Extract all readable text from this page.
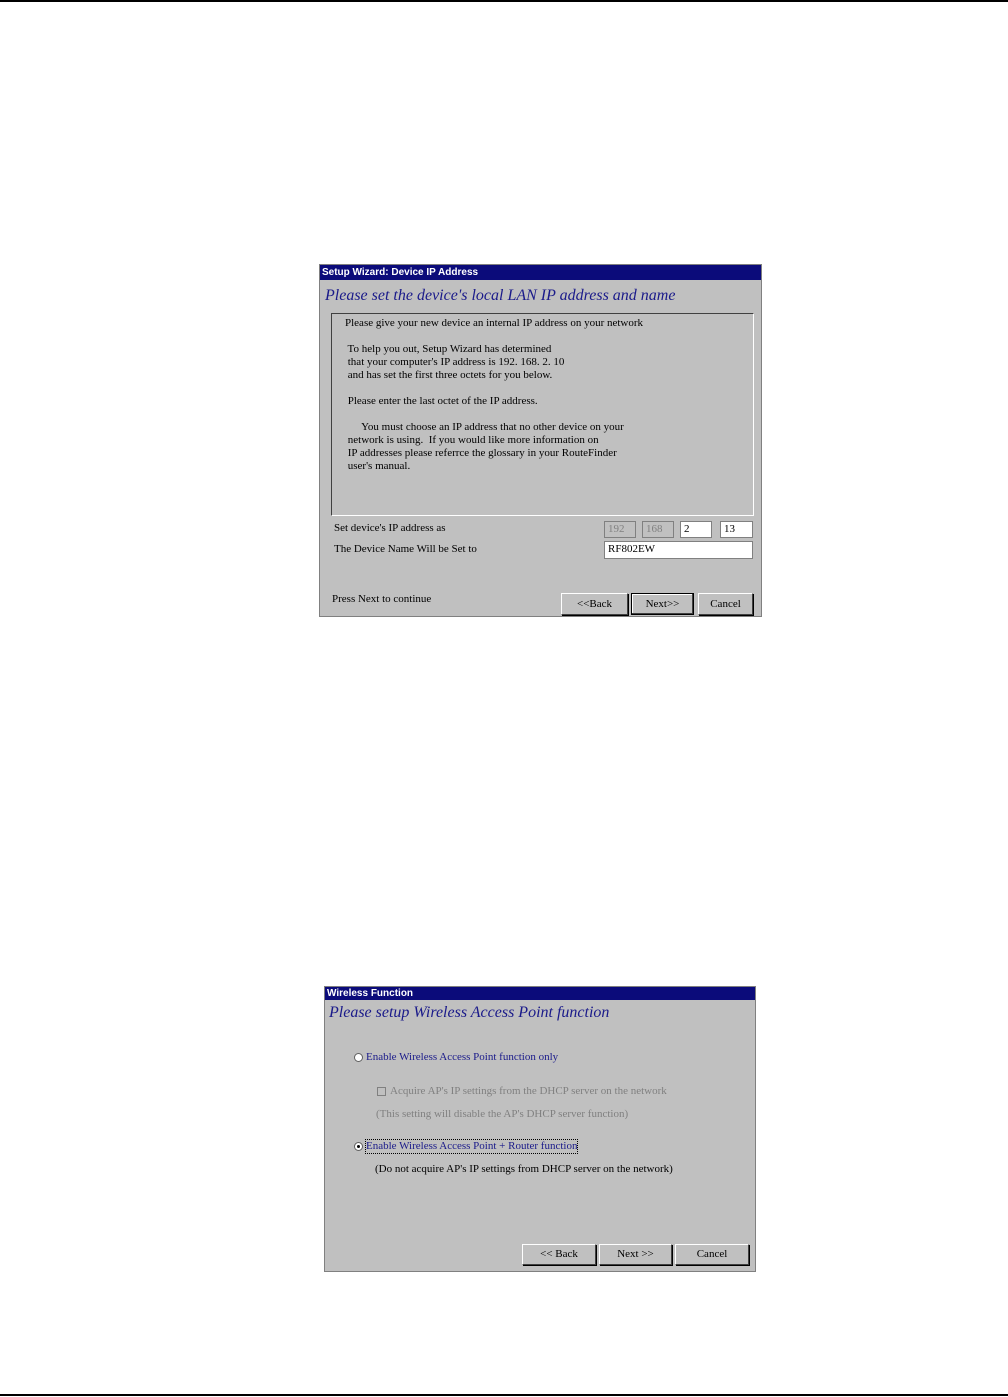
Setup Wizard: Device IP Address
Please set the device's local LAN IP address and name

Please give your new device an internal IP address on your network

To help you out, Setup Wizard has determined

that your computer's IP address is 192. 168. 2. 10

and has set the first three octets for you below.

Please enter the last octet of the IP address.

You must choose an IP address that no other device on your

network is using.  If you would like more information on

IP addresses please referrce the glossary in your RouteFinder

user's manual.

Set device's IP address as	192	168	2	13
The Device Name Will be Set to	RF802EW
Press Next to continue	<<Back	Next>>	Cancel
Wireless Function
Please setup Wireless Access Point function
Enable Wireless Access Point function only
Acquire AP's IP settings from the DHCP server on the network
(This setting will disable the AP's DHCP server function)
Enable Wireless Access Point + Router function
(Do not acquire AP's IP settings from DHCP server on the network)
<< Back	Next >>	Cancel
